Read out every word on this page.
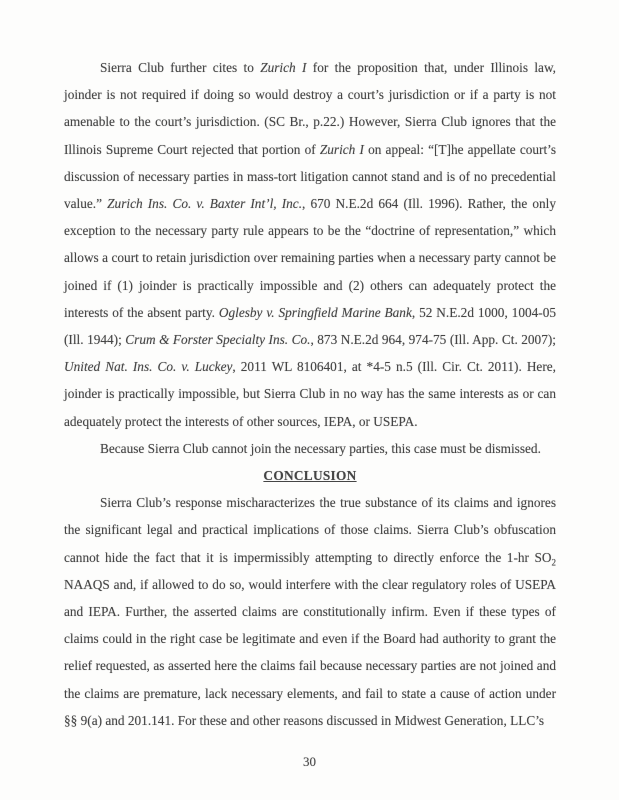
Sierra Club further cites to Zurich I for the proposition that, under Illinois law, joinder is not required if doing so would destroy a court’s jurisdiction or if a party is not amenable to the court’s jurisdiction. (SC Br., p.22.) However, Sierra Club ignores that the Illinois Supreme Court rejected that portion of Zurich I on appeal: “[T]he appellate court’s discussion of necessary parties in mass-tort litigation cannot stand and is of no precedential value.” Zurich Ins. Co. v. Baxter Int’l, Inc., 670 N.E.2d 664 (Ill. 1996). Rather, the only exception to the necessary party rule appears to be the “doctrine of representation,” which allows a court to retain jurisdiction over remaining parties when a necessary party cannot be joined if (1) joinder is practically impossible and (2) others can adequately protect the interests of the absent party. Oglesby v. Springfield Marine Bank, 52 N.E.2d 1000, 1004-05 (Ill. 1944); Crum & Forster Specialty Ins. Co., 873 N.E.2d 964, 974-75 (Ill. App. Ct. 2007); United Nat. Ins. Co. v. Luckey, 2011 WL 8106401, at *4-5 n.5 (Ill. Cir. Ct. 2011). Here, joinder is practically impossible, but Sierra Club in no way has the same interests as or can adequately protect the interests of other sources, IEPA, or USEPA.

Because Sierra Club cannot join the necessary parties, this case must be dismissed.

CONCLUSION

Sierra Club’s response mischaracterizes the true substance of its claims and ignores the significant legal and practical implications of those claims. Sierra Club’s obfuscation cannot hide the fact that it is impermissibly attempting to directly enforce the 1-hr $SO_2$ NAAQS and, if allowed to do so, would interfere with the clear regulatory roles of USEPA and IEPA. Further, the asserted claims are constitutionally infirm. Even if these types of claims could in the right case be legitimate and even if the Board had authority to grant the relief requested, as asserted here the claims fail because necessary parties are not joined and the claims are premature, lack necessary elements, and fail to state a cause of action under §§ 9(a) and 201.141. For these and other reasons discussed in Midwest Generation, LLC’s

30
